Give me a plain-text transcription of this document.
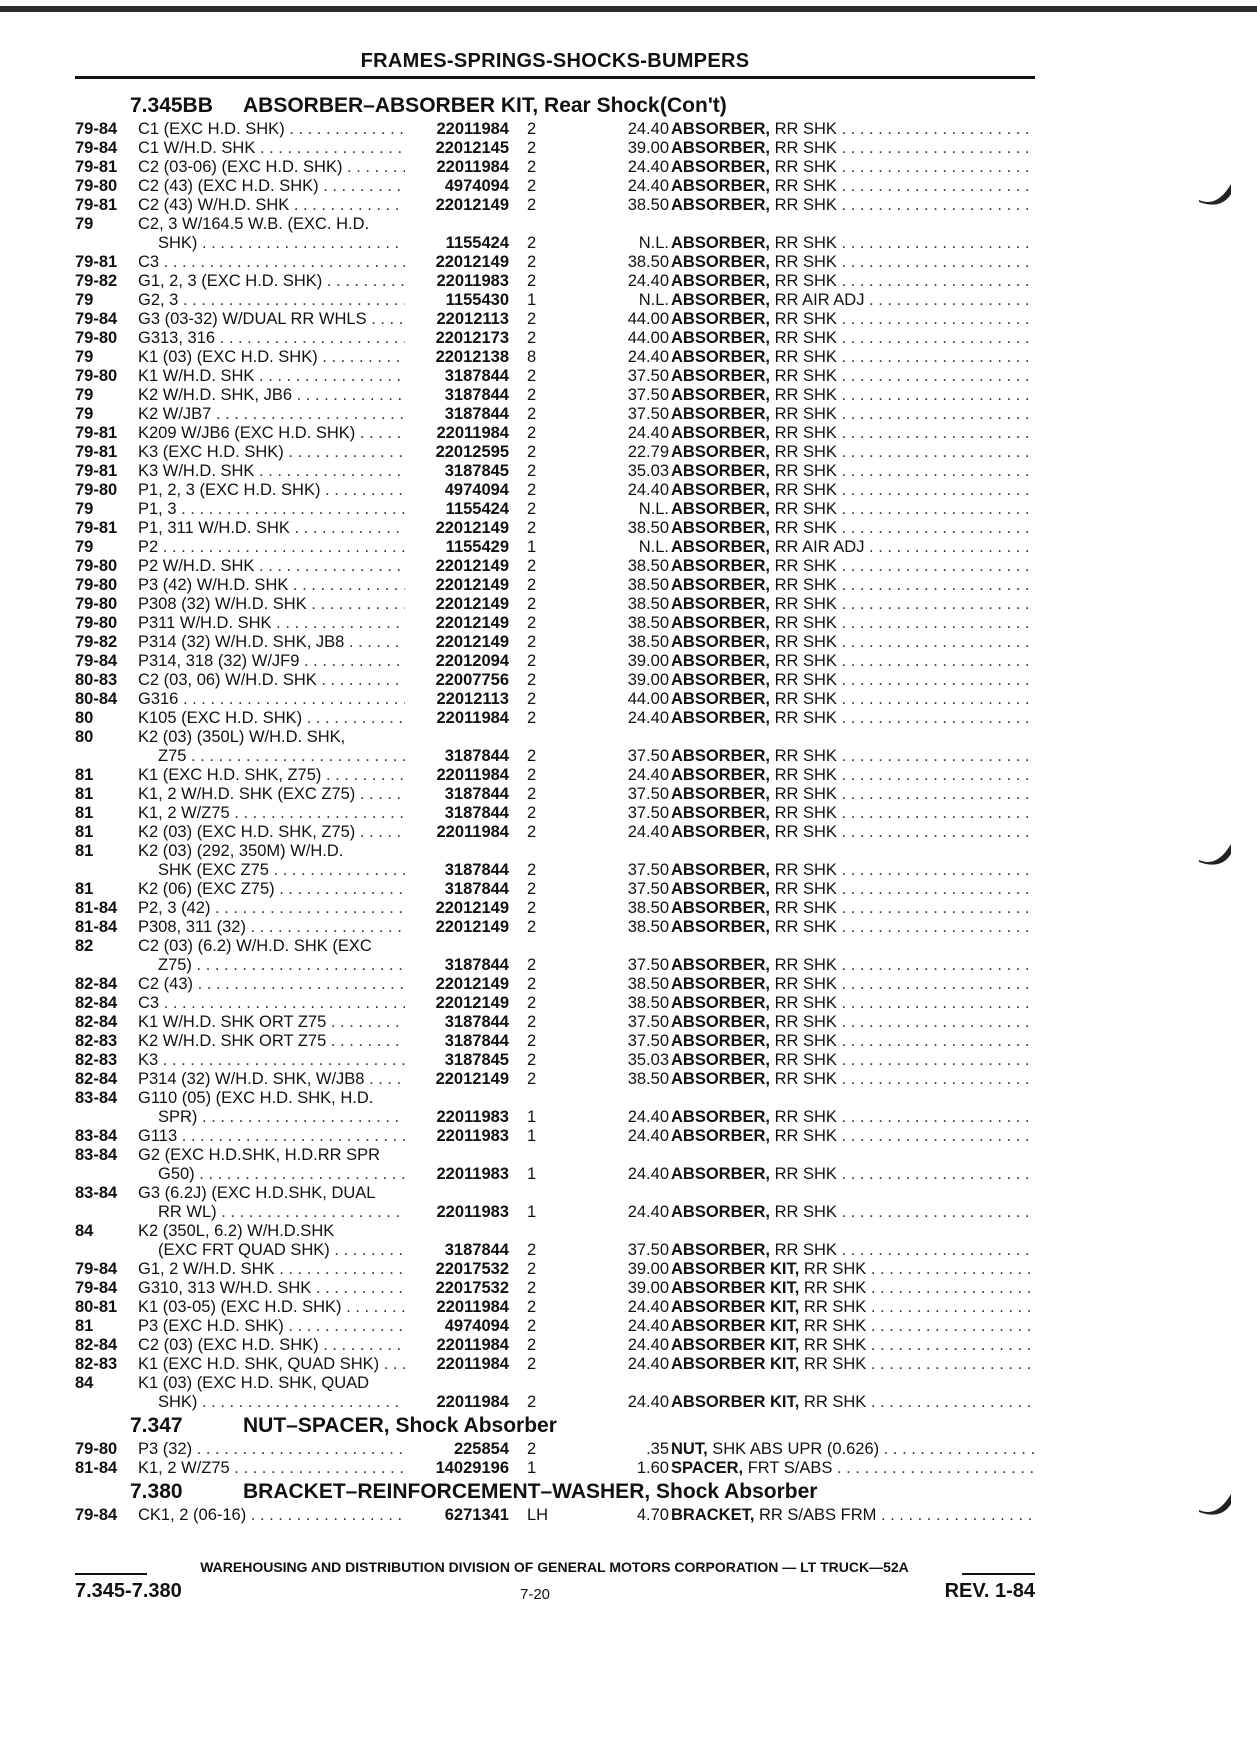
FRAMES-SPRINGS-SHOCKS-BUMPERS
7.345BB ABSORBER–ABSORBER KIT, Rear Shock (Con't)
79-84	C1 (EXC H.D. SHK) . . .	22011984 2	24.40 ABSORBER, RR SHK . . .
79-84	C1 W/H.D. SHK . . .	22012145 2	39.00 ABSORBER, RR SHK . . .
79-81	C2 (03-06) (EXC H.D. SHK) . . .	22011984 2	24.40 ABSORBER, RR SHK . . .
79-80	C2 (43) (EXC H.D. SHK) . . .	4974094 2	24.40 ABSORBER, RR SHK . . .
79-81	C2 (43) W/H.D. SHK . . .	22012149 2	38.50 ABSORBER, RR SHK . . .
79	C2, 3 W/164.5 W.B. (EXC. H.D.
SHK) . . .	1155424 2	N.L. ABSORBER, RR SHK . . .
79-81	C3 . . .	22012149 2	38.50 ABSORBER, RR SHK . . .
79-82	G1, 2, 3 (EXC H.D. SHK) . . .	22011983 2	24.40 ABSORBER, RR SHK . . .
79	G2, 3 . . .	1155430 1	N.L. ABSORBER, RR AIR ADJ . . .
79-84	G3 (03-32) W/DUAL RR WHLS . . .	22012113 2	44.00 ABSORBER, RR SHK . . .
79-80	G313, 316 . . .	22012173 2	44.00 ABSORBER, RR SHK . . .
79	K1 (03) (EXC H.D. SHK) . . .	22012138 8	24.40 ABSORBER, RR SHK . . .
79-80	K1 W/H.D. SHK . . .	3187844 2	37.50 ABSORBER, RR SHK . . .
79	K2 W/H.D. SHK, JB6 . . .	3187844 2	37.50 ABSORBER, RR SHK . . .
79	K2 W/JB7 . . .	3187844 2	37.50 ABSORBER, RR SHK . . .
79-81	K209 W/JB6 (EXC H.D. SHK) . . .	22011984 2	24.40 ABSORBER, RR SHK . . .
79-81	K3 (EXC H.D. SHK) . . .	22012595 2	22.79 ABSORBER, RR SHK . . .
79-81	K3 W/H.D. SHK . . .	3187845 2	35.03 ABSORBER, RR SHK . . .
79-80	P1, 2, 3 (EXC H.D. SHK) . . .	4974094 2	24.40 ABSORBER, RR SHK . . .
79	P1, 3 . . .	1155424 2	N.L. ABSORBER, RR SHK . . .
79-81	P1, 311 W/H.D. SHK . . .	22012149 2	38.50 ABSORBER, RR SHK . . .
79	P2 . . .	1155429 1	N.L. ABSORBER, RR AIR ADJ . . .
79-80	P2 W/H.D. SHK . . .	22012149 2	38.50 ABSORBER, RR SHK . . .
79-80	P3 (42) W/H.D. SHK . . .	22012149 2	38.50 ABSORBER, RR SHK . . .
79-80	P308 (32) W/H.D. SHK . . .	22012149 2	38.50 ABSORBER, RR SHK . . .
79-80	P311 W/H.D. SHK . . .	22012149 2	38.50 ABSORBER, RR SHK . . .
79-82	P314 (32) W/H.D. SHK, JB8 . . .	22012149 2	38.50 ABSORBER, RR SHK . . .
79-84	P314, 318 (32) W/JF9 . . .	22012094 2	39.00 ABSORBER, RR SHK . . .
80-83	C2 (03, 06) W/H.D. SHK . . .	22007756 2	39.00 ABSORBER, RR SHK . . .
80-84	G316 . . .	22012113 2	44.00 ABSORBER, RR SHK . . .
80	K105 (EXC H.D. SHK) . . .	22011984 2	24.40 ABSORBER, RR SHK . . .
80	K2 (03) (350L) W/H.D. SHK,
Z75 . . .	3187844 2	37.50 ABSORBER, RR SHK . . .
81	K1 (EXC H.D. SHK, Z75) . . .	22011984 2	24.40 ABSORBER, RR SHK . . .
81	K1, 2 W/H.D. SHK (EXC Z75) . . .	3187844 2	37.50 ABSORBER, RR SHK . . .
81	K1, 2 W/Z75 . . .	3187844 2	37.50 ABSORBER, RR SHK . . .
81	K2 (03) (EXC H.D. SHK, Z75) . . .	22011984 2	24.40 ABSORBER, RR SHK . . .
81	K2 (03) (292, 350M) W/H.D.
SHK (EXC Z75 . . .	3187844 2	37.50 ABSORBER, RR SHK . . .
81	K2 (06) (EXC Z75) . . .	3187844 2	37.50 ABSORBER, RR SHK . . .
81-84	P2, 3 (42) . . .	22012149 2	38.50 ABSORBER, RR SHK . . .
81-84	P308, 311 (32) . . .	22012149 2	38.50 ABSORBER, RR SHK . . .
82	C2 (03) (6.2) W/H.D. SHK (EXC
Z75) . . .	3187844 2	37.50 ABSORBER, RR SHK . . .
82-84	C2 (43) . . .	22012149 2	38.50 ABSORBER, RR SHK . . .
82-84	C3 . . .	22012149 2	38.50 ABSORBER, RR SHK . . .
82-84	K1 W/H.D. SHK ORT Z75 . . .	3187844 2	37.50 ABSORBER, RR SHK . . .
82-83	K2 W/H.D. SHK ORT Z75 . . .	3187844 2	37.50 ABSORBER, RR SHK . . .
82-83	K3 . . .	3187845 2	35.03 ABSORBER, RR SHK . . .
82-84	P314 (32) W/H.D. SHK, W/JB8 . . .	22012149 2	38.50 ABSORBER, RR SHK . . .
83-84	G110 (05) (EXC H.D. SHK, H.D.
SPR) . . .	22011983 1	24.40 ABSORBER, RR SHK . . .
83-84	G113 . . .	22011983 1	24.40 ABSORBER, RR SHK . . .
83-84	G2 (EXC H.D.SHK, H.D.RR SPR
G50) . . .	22011983 1	24.40 ABSORBER, RR SHK . . .
83-84	G3 (6.2J) (EXC H.D.SHK, DUAL
RR WL) . . .	22011983 1	24.40 ABSORBER, RR SHK . . .
84	K2 (350L, 6.2) W/H.D.SHK
(EXC FRT QUAD SHK) . . .	3187844 2	37.50 ABSORBER, RR SHK . . .
79-84	G1, 2 W/H.D. SHK . . .	22017532 2	39.00 ABSORBER KIT, RR SHK . . .
79-84	G310, 313 W/H.D. SHK . . .	22017532 2	39.00 ABSORBER KIT, RR SHK . . .
80-81	K1 (03-05) (EXC H.D. SHK) . . .	22011984 2	24.40 ABSORBER KIT, RR SHK . . .
81	P3 (EXC H.D. SHK) . . .	4974094 2	24.40 ABSORBER KIT, RR SHK . . .
82-84	C2 (03) (EXC H.D. SHK) . . .	22011984 2	24.40 ABSORBER KIT, RR SHK . . .
82-83	K1 (EXC H.D. SHK, QUAD SHK) . . .	22011984 2	24.40 ABSORBER KIT, RR SHK . . .
84	K1 (03) (EXC H.D. SHK, QUAD
SHK) . . .	22011984 2	24.40 ABSORBER KIT, RR SHK . . .
7.347	NUT–SPACER, Shock Absorber
79-80	P3 (32) . . .	225854 2	.35 NUT, SHK ABS UPR (0.626) . . .
81-84	K1, 2 W/Z75 . . .	14029196 1	1.60 SPACER, FRT S/ABS . . .
7.380	BRACKET–REINFORCEMENT–WASHER, Shock Absorber
79-84	CK1, 2 (06-16) . . .	6271341 LH	4.70 BRACKET, RR S/ABS FRM . . .
WAREHOUSING AND DISTRIBUTION DIVISION OF GENERAL MOTORS CORPORATION — LT TRUCK—52A
7.345-7.380	7-20	REV. 1-84
